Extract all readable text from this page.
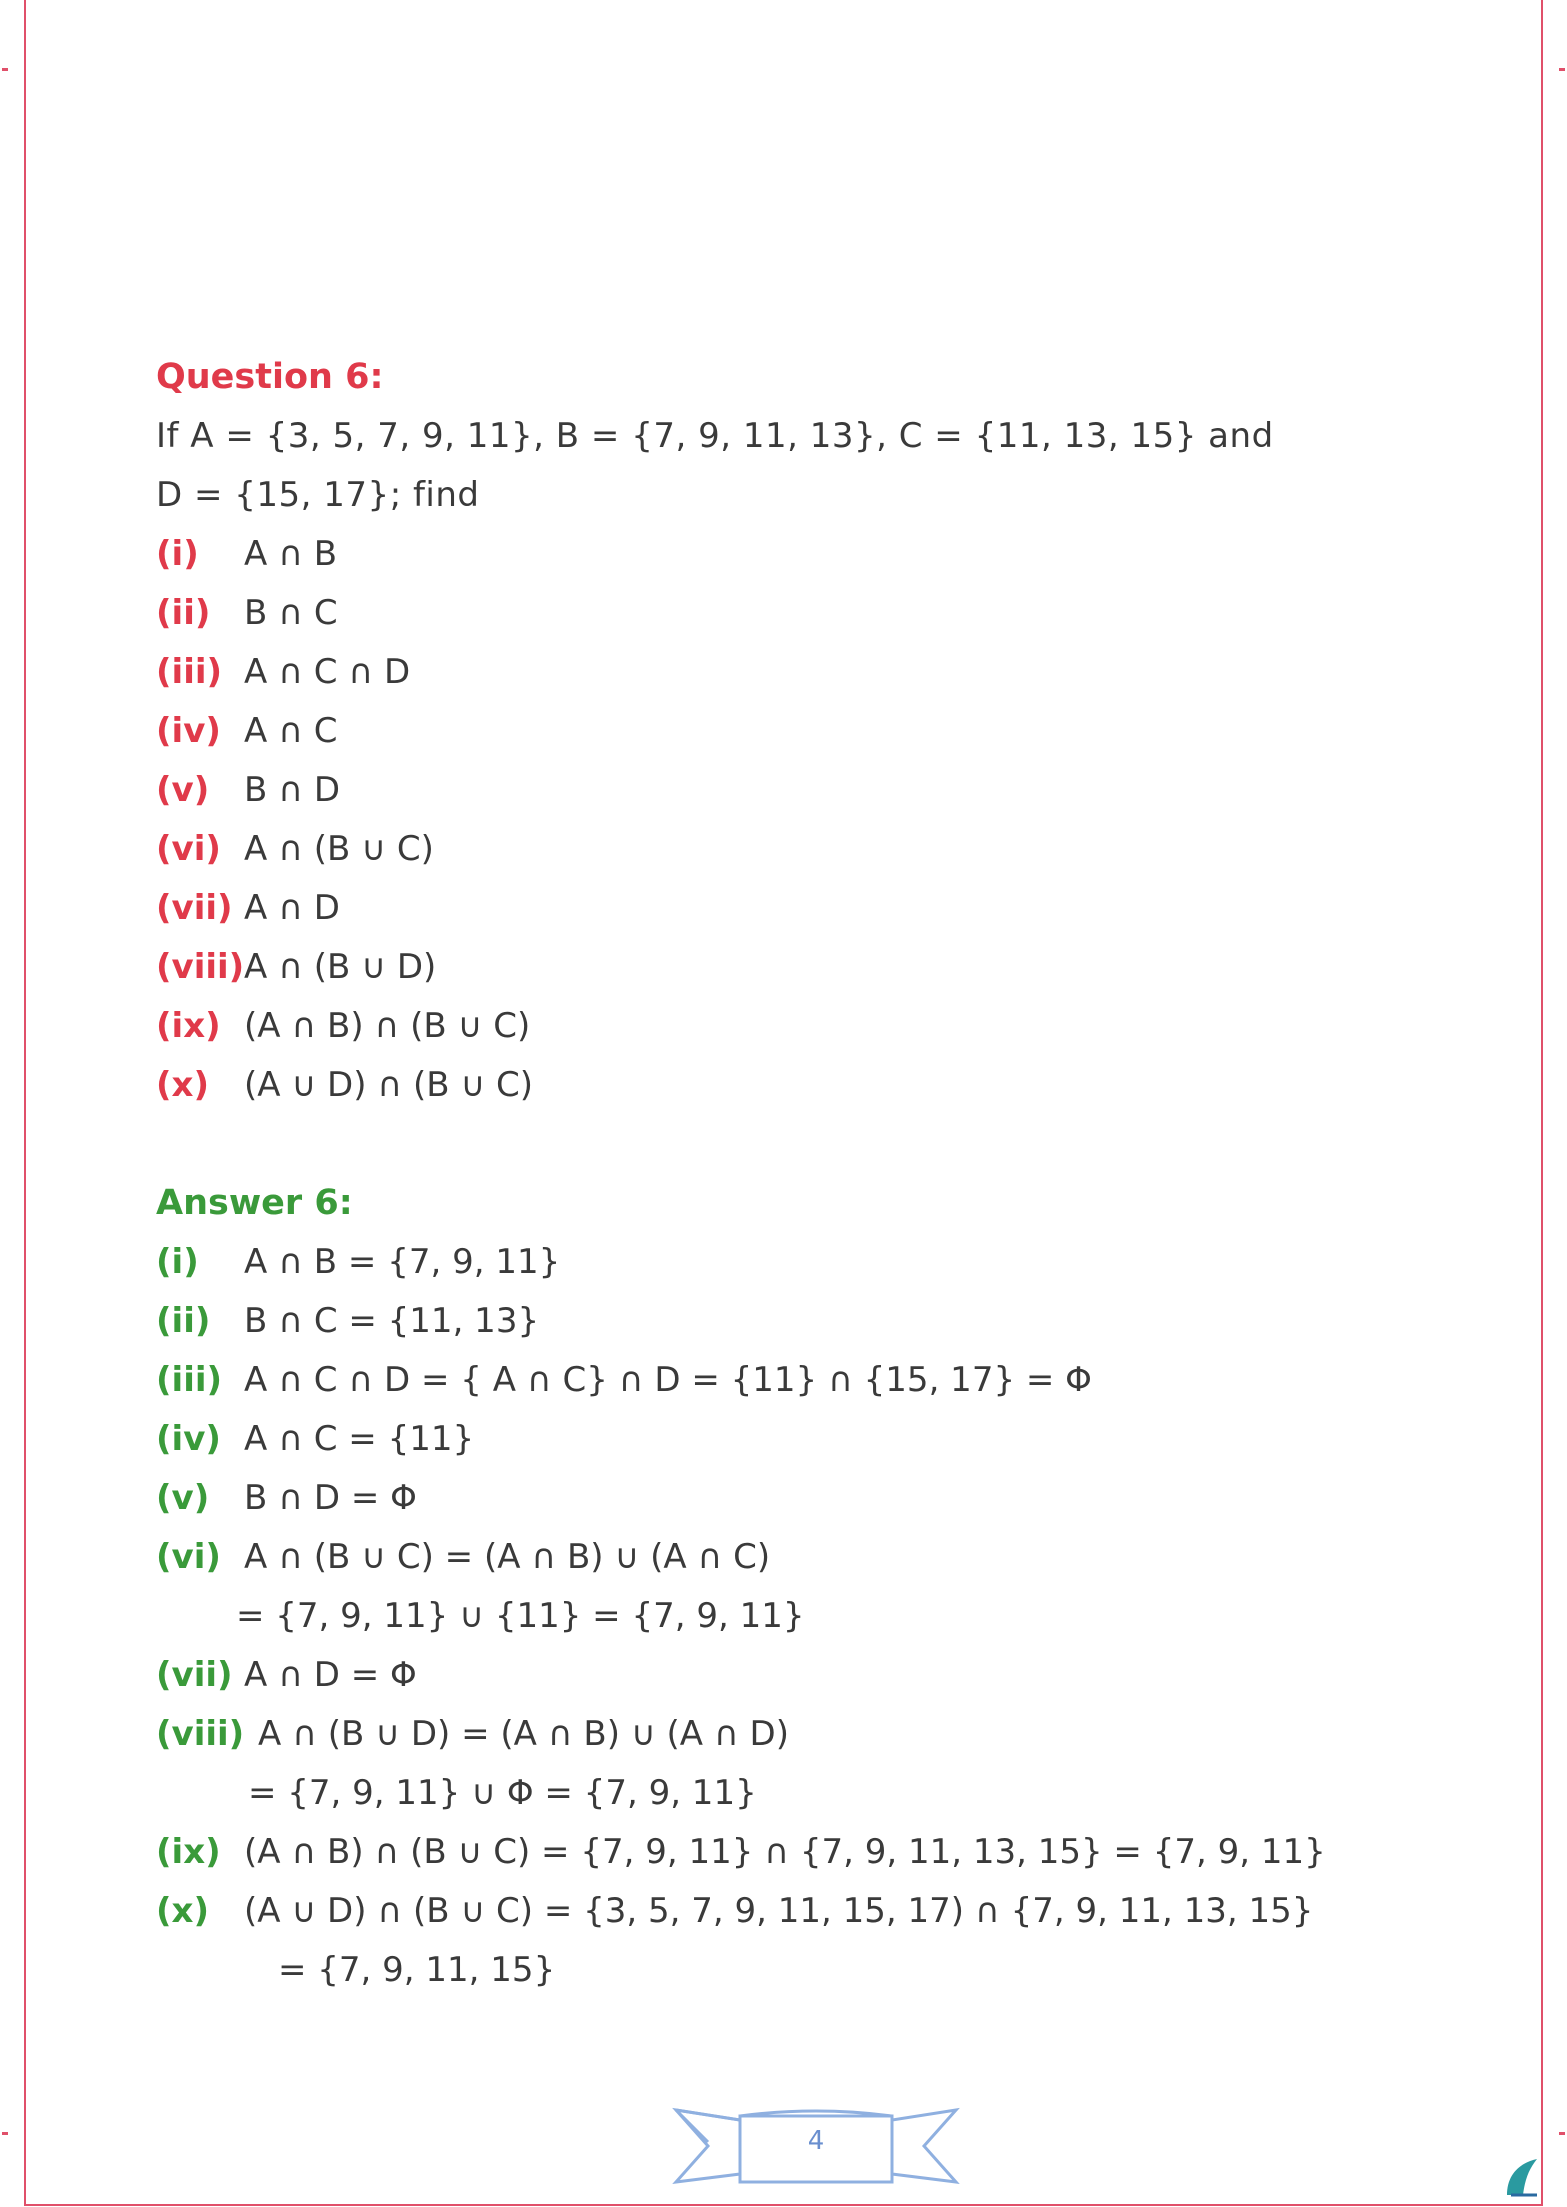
Question 6:
If A = {3, 5, 7, 9, 11}, B = {7, 9, 11, 13}, C = {11, 13, 15} and
D = {15, 17}; find
(i)	A ∩ B
(ii) B ∩ C
(iii) A ∩ C ∩ D
(iv) A ∩ C
(v)	B ∩ D
(vi) A ∩ (B ∪ C)
(vii) A ∩ D
(viii) A ∩ (B ∪ D)
(ix) (A ∩ B) ∩ (B ∪ C)
(x)	(A ∪ D) ∩ (B ∪ C)
Answer 6:
(i)	A ∩ B = {7, 9, 11}
(ii) B ∩ C = {11, 13}
(iii) A ∩ C ∩ D = { A ∩ C} ∩ D = {11} ∩ {15, 17} = Φ
(iv) A ∩ C = {11}
(v)	B ∩ D = Φ
(vi) A ∩ (B ∪ C) = (A ∩ B) ∪ (A ∩ C)
= {7, 9, 11} ∪ {11} = {7, 9, 11}
(vii) A ∩ D = Φ
(viii) A ∩ (B ∪ D) = (A ∩ B) ∪ (A ∩ D)
= {7, 9, 11} ∪ Φ = {7, 9, 11}
(ix) (A ∩ B) ∩ (B ∪ C) = {7, 9, 11} ∩ {7, 9, 11, 13, 15} = {7, 9, 11}
(x)	(A ∪ D) ∩ (B ∪ C) = {3, 5, 7, 9, 11, 15, 17) ∩ {7, 9, 11, 13, 15}
= {7, 9, 11, 15}
4
